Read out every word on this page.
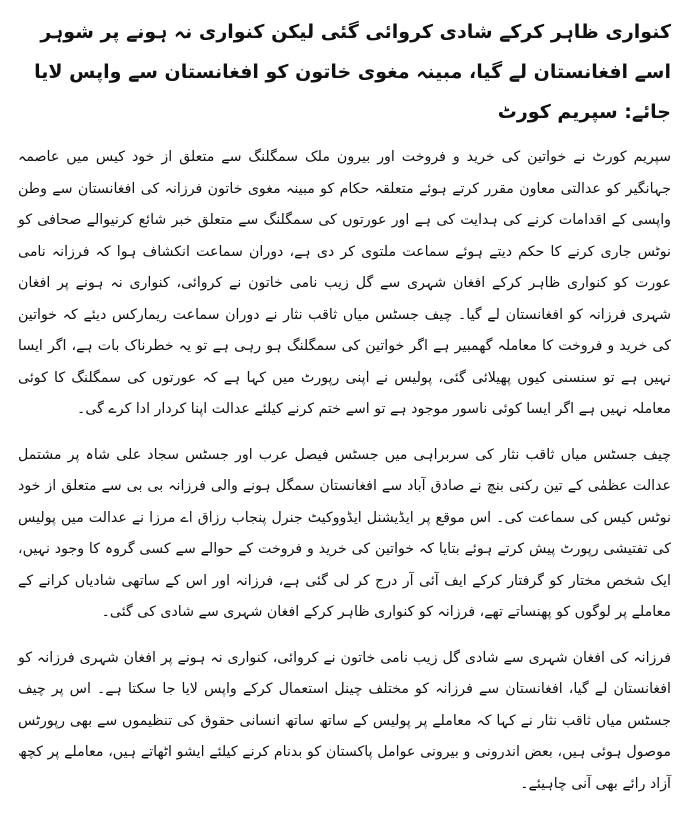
کنواری ظاہر کرکے شادی کروائی گئی لیکن کنواری نہ ہونے پر شوہر اسے افغانستان لے گیا، مبینہ مغوی خاتون کو افغانستان سے واپس لایا جائے: سپریم کورٹ

سپریم کورٹ نے خواتین کی خرید و فروخت اور بیرون ملک سمگلنگ سے متعلق از خود کیس میں عاصمہ جہانگیر کو عدالتی معاون مقرر کرتے ہوئے متعلقہ حکام کو مبینہ مغوی خاتون فرزانہ کی افغانستان سے وطن واپسی کے اقدامات کرنے کی ہدایت کی ہے اور عورتوں کی سمگلنگ سے متعلق خبر شائع کرنیوالے صحافی کو نوٹس جاری کرنے کا حکم دیتے ہوئے سماعت ملتوی کر دی ہے، دوران سماعت انکشاف ہوا کہ فرزانہ نامی عورت کو کنواری ظاہر کرکے افغان شہری سے گل زیب نامی خاتون نے کروائی، کنواری نہ ہونے پر افغان شہری فرزانہ کو افغانستان لے گیا۔ چیف جسٹس میاں ثاقب نثار نے دوران سماعت ریمارکس دیئے کہ خواتین کی خرید و فروخت کا معاملہ گھمبیر ہے اگر خواتین کی سمگلنگ ہو رہی ہے تو یہ خطرناک بات ہے، اگر ایسا نہیں ہے تو سنسنی کیوں پھیلائی گئی، پولیس نے اپنی رپورٹ میں کہا ہے کہ عورتوں کی سمگلنگ کا کوئی معاملہ نہیں ہے اگر ایسا کوئی ناسور موجود ہے تو اسے ختم کرنے کیلئے عدالت اپنا کردار ادا کرے گی۔

چیف جسٹس میاں ثاقب نثار کی سربراہی میں جسٹس فیصل عرب اور جسٹس سجاد علی شاہ پر مشتمل عدالت عظمٰی کے تین رکنی بنچ نے صادق آباد سے افغانستان سمگل ہونے والی فرزانہ بی بی سے متعلق از خود نوٹس کیس کی سماعت کی۔ اس موقع پر ایڈیشنل ایڈووکیٹ جنرل پنجاب رزاق اے مرزا نے عدالت میں پولیس کی تفتیشی رپورٹ پیش کرتے ہوئے بتایا کہ خواتین کی خرید و فروخت کے حوالے سے کسی گروہ کا وجود نہیں، ایک شخص مختار کو گرفتار کرکے ایف آئی آر درج کر لی گئی ہے، فرزانہ اور اس کے ساتھی شادیاں کرانے کے معاملے پر لوگوں کو پھنساتے تھے، فرزانہ کو کنواری ظاہر کرکے افغان شہری سے شادی کی گئی۔

فرزانہ کی افغان شہری سے شادی گل زیب نامی خاتون نے کروائی، کنواری نہ ہونے پر افغان شہری فرزانہ کو افغانستان لے گیا، افغانستان سے فرزانہ کو مختلف چینل استعمال کرکے واپس لایا جا سکتا ہے۔ اس پر چیف جسٹس میاں ثاقب نثار نے کہا کہ معاملے پر پولیس کے ساتھ ساتھ انسانی حقوق کی تنظیموں سے بھی رپورٹس موصول ہوئی ہیں، بعض اندرونی و بیرونی عوامل پاکستان کو بدنام کرنے کیلئے ایشو اٹھاتے ہیں، معاملے پر کچھ آزاد رائے بھی آنی چاہیئے۔
